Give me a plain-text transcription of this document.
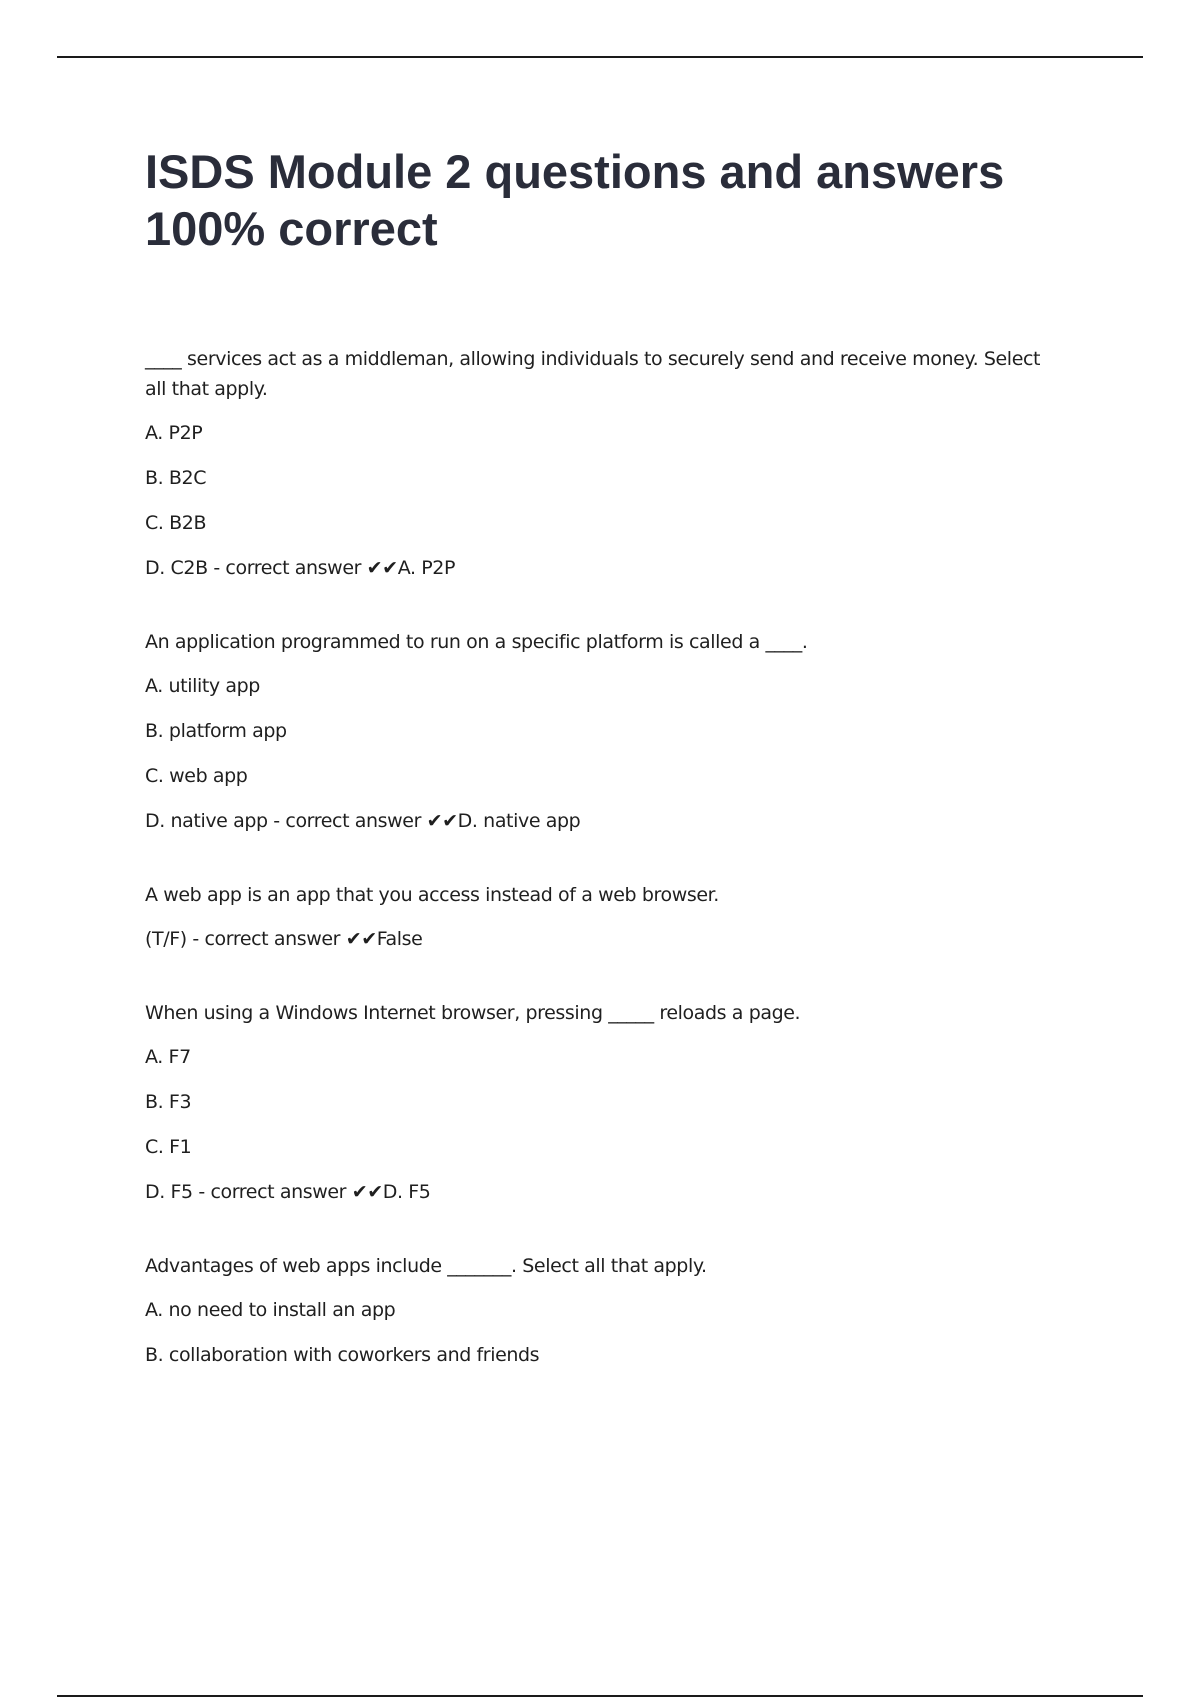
ISDS Module 2 questions and answers 100% correct

____ services act as a middleman, allowing individuals to securely send and receive money. Select all that apply.

A. P2P

B. B2C

C. B2B

D. C2B - correct answer ✔✔A. P2P

An application programmed to run on a specific platform is called a ____.

A. utility app

B. platform app

C. web app

D. native app - correct answer ✔✔D. native app

A web app is an app that you access instead of a web browser.

(T/F) - correct answer ✔✔False

When using a Windows Internet browser, pressing _____ reloads a page.

A. F7

B. F3

C. F1

D. F5 - correct answer ✔✔D. F5

Advantages of web apps include _______. Select all that apply.

A. no need to install an app

B. collaboration with coworkers and friends
